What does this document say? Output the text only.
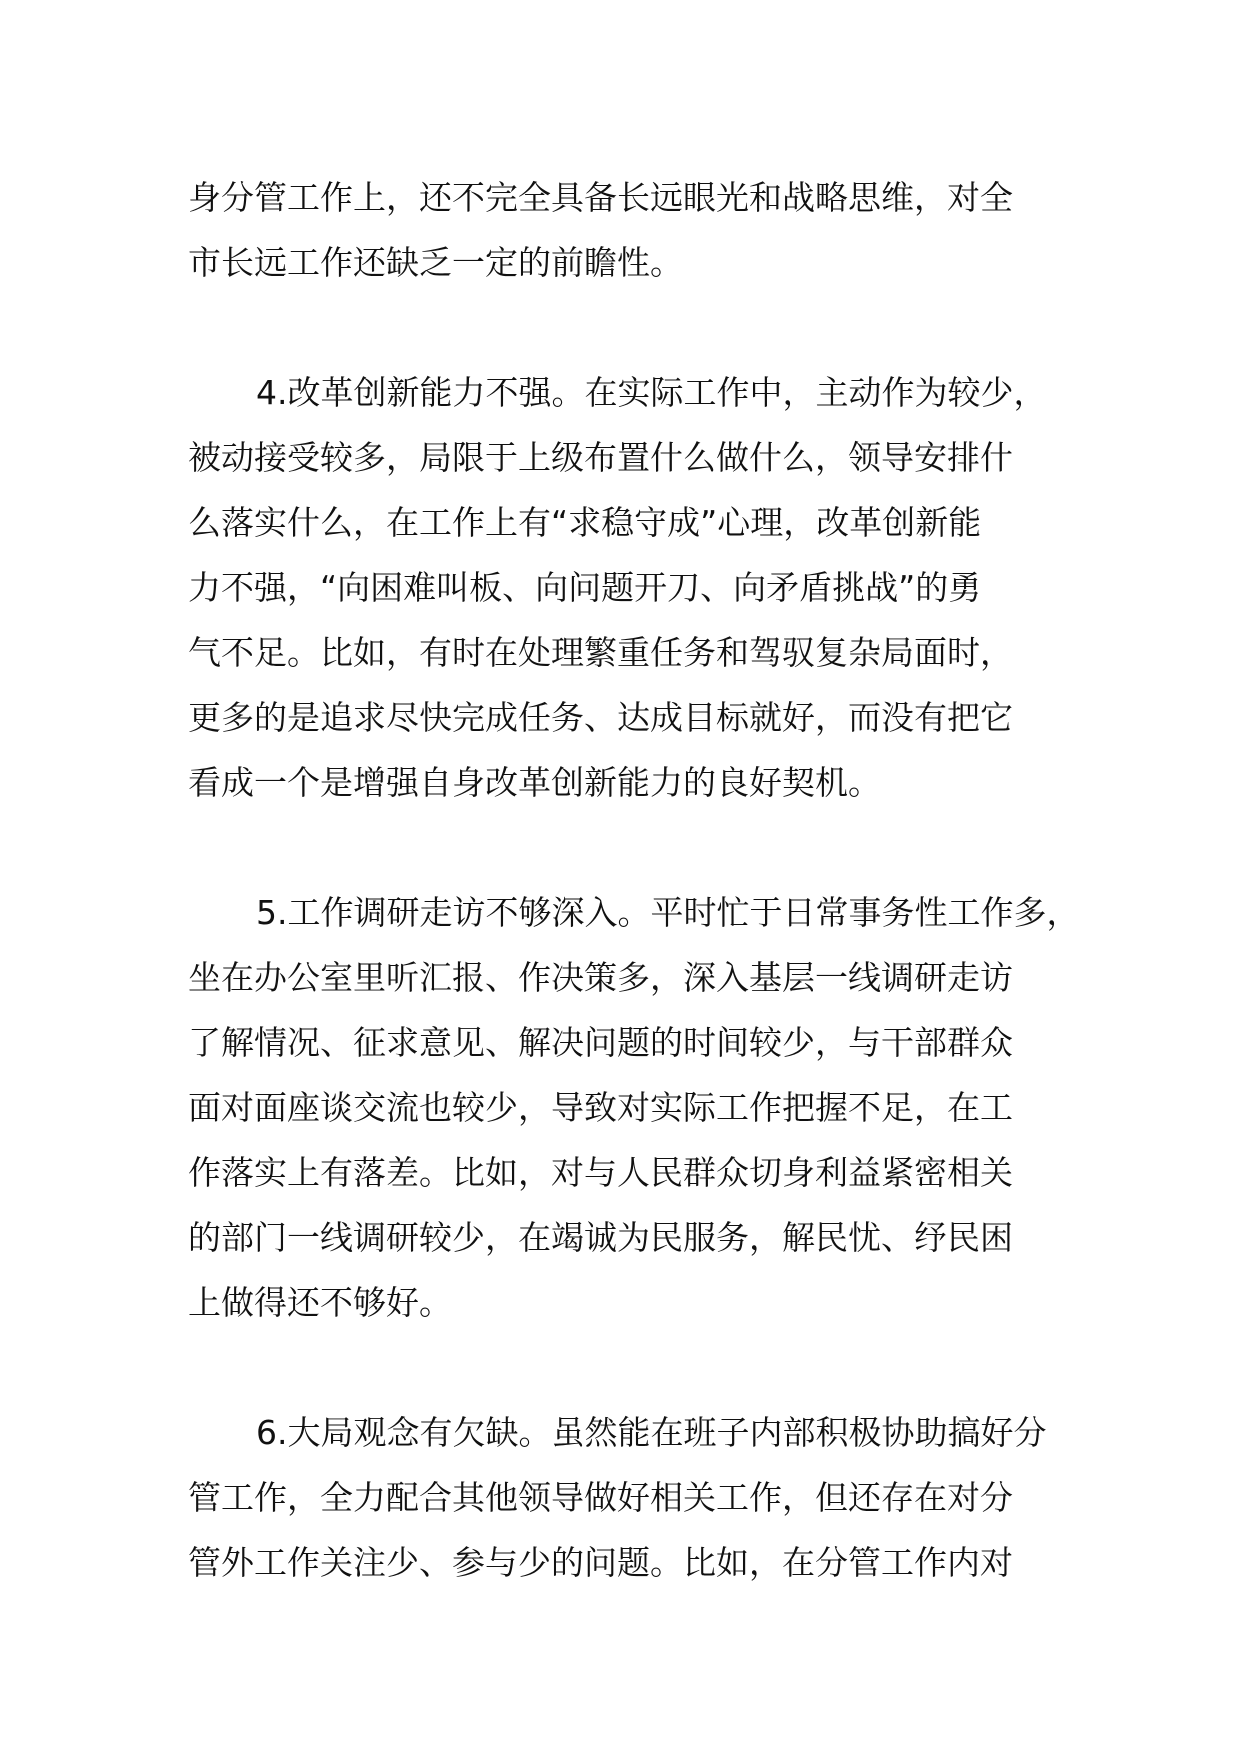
身分管工作上，还不完全具备长远眼光和战略思维，对全
市长远工作还缺乏一定的前瞻性。
4.改革创新能力不强。在实际工作中，主动作为较少，
被动接受较多，局限于上级布置什么做什么，领导安排什
么落实什么，在工作上有“求稳守成”心理，改革创新能
力不强，“向困难叫板、向问题开刀、向矛盾挑战”的勇
气不足。比如，有时在处理繁重任务和驾驭复杂局面时，
更多的是追求尽快完成任务、达成目标就好，而没有把它
看成一个是增强自身改革创新能力的良好契机。
5.工作调研走访不够深入。平时忙于日常事务性工作多，
坐在办公室里听汇报、作决策多，深入基层一线调研走访
了解情况、征求意见、解决问题的时间较少，与干部群众
面对面座谈交流也较少，导致对实际工作把握不足，在工
作落实上有落差。比如，对与人民群众切身利益紧密相关
的部门一线调研较少，在竭诚为民服务，解民忧、纾民困
上做得还不够好。
6.大局观念有欠缺。虽然能在班子内部积极协助搞好分
管工作，全力配合其他领导做好相关工作，但还存在对分
管外工作关注少、参与少的问题。比如，在分管工作内对
